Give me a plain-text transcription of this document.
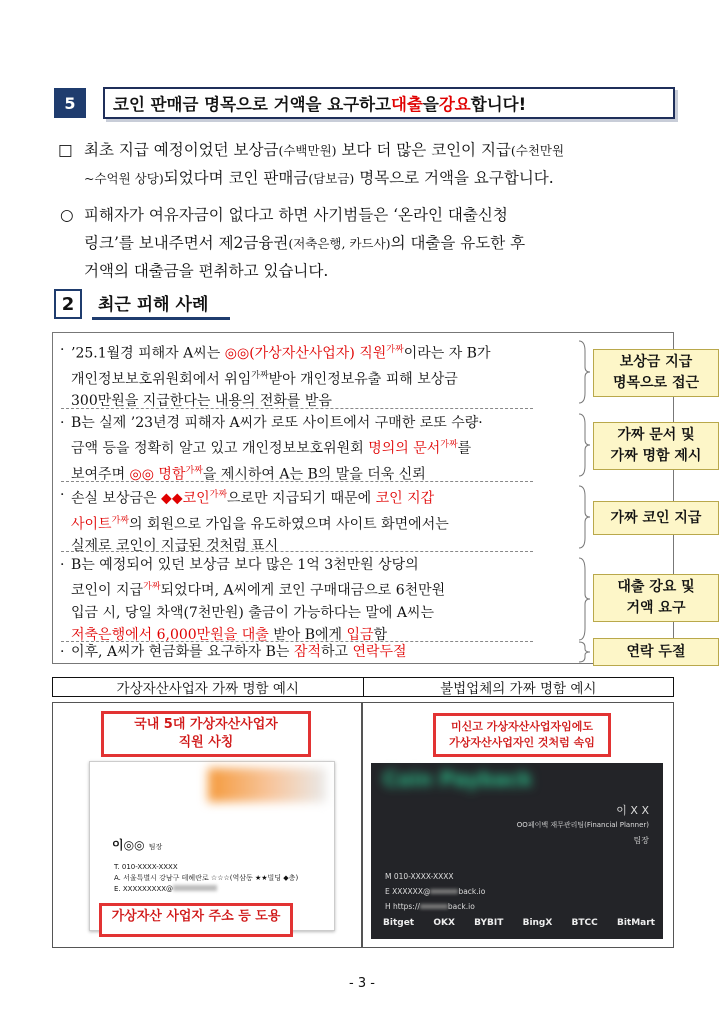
5	코인 판매금 명목으로 거액을 요구하고 대출 을 강요 합니다!
□ 최초 지급 예정이었던 보상금(수백만원) 보다 더 많은 코인이 지급(수천만원
~수억원 상당)되었다며 코인 판매금(담보금) 명목으로 거액을 요구합니다.
○ 피해자가 여유자금이 없다고 하면 사기범들은 ‘온라인 대출신청
링크’를 보내주면서 제2금융권(저축은행, 카드사)의 대출을 유도한 후
거액의 대출금을 편취하고 있습니다.
2	최근 피해 사례
· ’25.1월경 피해자 A씨는 ◎◎(가상자산사업자) 직원$^{가짜}$이라는 자 B가
개인정보보호위원회에서 위임$^{가짜}$받아 개인정보유출 피해 보상금
300만원을 지급한다는 내용의 전화를 받음
보상금 지급
명목으로 접근
· B는 실제 ’23년경 피해자 A씨가 로또 사이트에서 구매한 로또 수량·
금액 등을 정확히 알고 있고 개인정보보호위원회 명의의 문서$^{가짜}$를
보여주며 ◎◎ 명함$^{가짜}$을 제시하여 A는 B의 말을 더욱 신뢰
가짜 문서 및
가짜 명함 제시
· 손실 보상금은 ◆◆코인$^{가짜}$으로만 지급되기 때문에 코인 지갑
사이트$^{가짜}$의 회원으로 가입을 유도하였으며 사이트 화면에서는
실제로 코인이 지급된 것처럼 표시
가짜 코인 지급
· B는 예정되어 있던 보상금 보다 많은 1억 3천만원 상당의
코인이 지급$^{가짜}$되었다며, A씨에게 코인 구매대금으로 6천만원
입금 시, 당일 차액(7천만원) 출금이 가능하다는 말에 A씨는
저축은행에서 6,000만원을 대출 받아 B에게 입금함
대출 강요 및
거액 요구
· 이후, A씨가 현금화를 요구하자 B는 잠적하고 연락두절	연락 두절
가상자산사업자 가짜 명함 예시	불법업체의 가짜 명함 예시
이◎◎ 팀장
T. 010-XXXX-XXXX
A. 서울특별시 강남구 테헤란로 ☆☆☆(역삼동 ★★빌딩 ◆층)
E. XXXXXXXXX@
국내 5대 가상자산사업자
직원 사칭
가상자산 사업자 주소 등 도용
Coin Payback
이 X X
OO페이백 재무관리팀(Financial Planner)
팀장
M 010-XXXX-XXXX
E XXXXXX@	back.io
H https://	back.io
Bitget OKX BYBIT BingX BTCC BitMart
미신고 가상자산사업자임에도
가상자산사업자인 것처럼 속임
- 3 -
